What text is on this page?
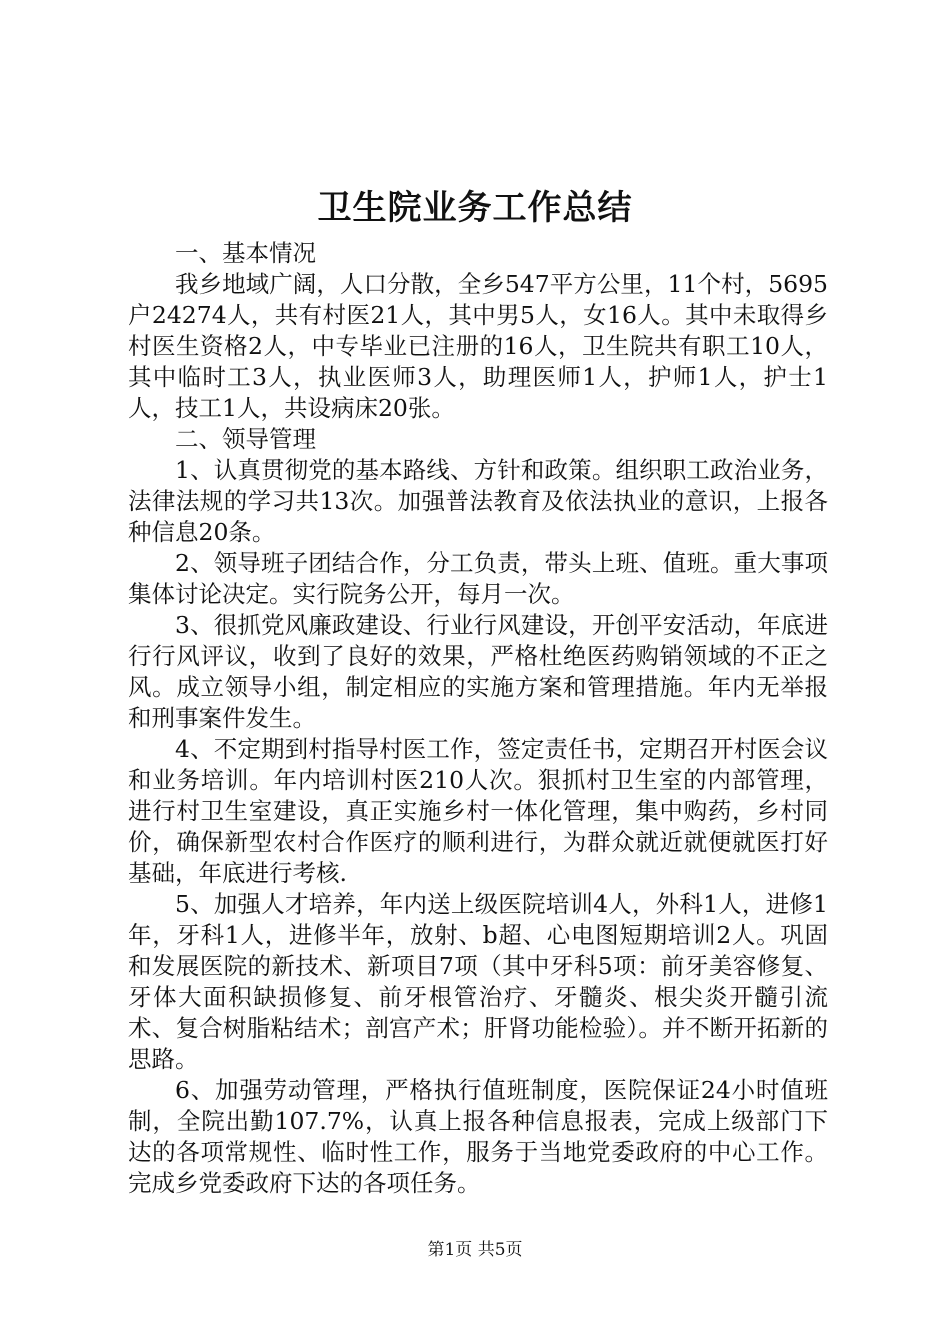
卫生院业务工作总结

一、基本情况

我乡地域广阔，人口分散，全乡547平方公里，11个村，5695户24274人，共有村医21人，其中男5人，女16人。其中未取得乡村医生资格2人，中专毕业已注册的16人，卫生院共有职工10人，其中临时工3人，执业医师3人，助理医师1人，护师1人，护士1人，技工1人，共设病床20张。

二、领导管理

1、认真贯彻党的基本路线、方针和政策。组织职工政治业务，法律法规的学习共13次。加强普法教育及依法执业的意识，上报各种信息20条。

2、领导班子团结合作，分工负责，带头上班、值班。重大事项集体讨论决定。实行院务公开，每月一次。

3、很抓党风廉政建设、行业行风建设，开创平安活动，年底进行行风评议，收到了良好的效果，严格杜绝医药购销领域的不正之风。成立领导小组，制定相应的实施方案和管理措施。年内无举报和刑事案件发生。

4、不定期到村指导村医工作，签定责任书，定期召开村医会议和业务培训。年内培训村医210人次。狠抓村卫生室的内部管理，进行村卫生室建设，真正实施乡村一体化管理，集中购药，乡村同价，确保新型农村合作医疗的顺利进行，为群众就近就便就医打好基础，年底进行考核.

5、加强人才培养，年内送上级医院培训4人，外科1人，进修1年，牙科1人，进修半年，放射、b超、心电图短期培训2人。巩固和发展医院的新技术、新项目7项（其中牙科5项：前牙美容修复、牙体大面积缺损修复、前牙根管治疗、牙髓炎、根尖炎开髓引流术、复合树脂粘结术；剖宫产术；肝肾功能检验）。并不断开拓新的思路。

6、加强劳动管理，严格执行值班制度，医院保证24小时值班制，全院出勤107.7%，认真上报各种信息报表，完成上级部门下达的各项常规性、临时性工作，服务于当地党委政府的中心工作。完成乡党委政府下达的各项任务。

第1页 共5页
